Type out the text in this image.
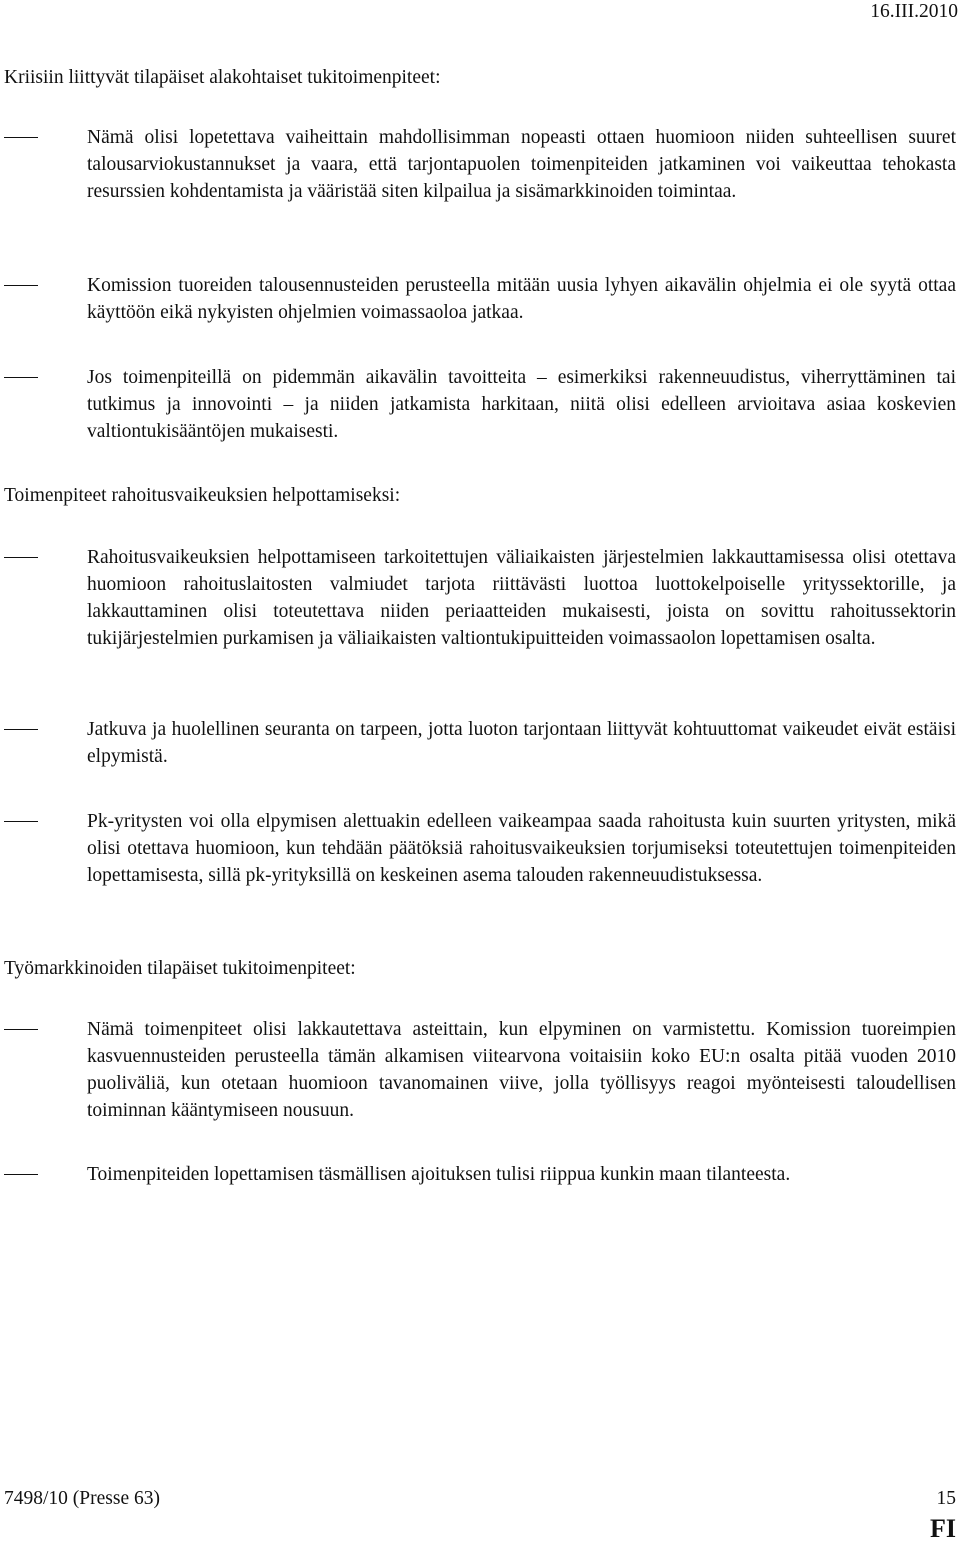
16.III.2010
Kriisiin liittyvät tilapäiset alakohtaiset tukitoimenpiteet:
Nämä olisi lopetettava vaiheittain mahdollisimman nopeasti ottaen huomioon niiden suhteellisen suuret talousarviokustannukset ja vaara, että tarjontapuolen toimenpiteiden jatkaminen voi vaikeuttaa tehokasta resurssien kohdentamista ja vääristää siten kilpailua ja sisämarkkinoiden toimintaa.
Komission tuoreiden talousennusteiden perusteella mitään uusia lyhyen aikavälin ohjelmia ei ole syytä ottaa käyttöön eikä nykyisten ohjelmien voimassaoloa jatkaa.
Jos toimenpiteillä on pidemmän aikavälin tavoitteita – esimerkiksi rakenneuudistus, viherryttäminen tai tutkimus ja innovointi – ja niiden jatkamista harkitaan, niitä olisi edelleen arvioitava asiaa koskevien valtiontukisääntöjen mukaisesti.
Toimenpiteet rahoitusvaikeuksien helpottamiseksi:
Rahoitusvaikeuksien helpottamiseen tarkoitettujen väliaikaisten järjestelmien lakkauttamisessa olisi otettava huomioon rahoituslaitosten valmiudet tarjota riittävästi luottoa luottokelpoiselle yrityssektorille, ja lakkauttaminen olisi toteutettava niiden periaatteiden mukaisesti, joista on sovittu rahoitussektorin tukijärjestelmien purkamisen ja väliaikaisten valtiontukipuitteiden voimassaolon lopettamisen osalta.
Jatkuva ja huolellinen seuranta on tarpeen, jotta luoton tarjontaan liittyvät kohtuuttomat vaikeudet eivät estäisi elpymistä.
Pk-yritysten voi olla elpymisen alettuakin edelleen vaikeampaa saada rahoitusta kuin suurten yritysten, mikä olisi otettava huomioon, kun tehdään päätöksiä rahoitusvaikeuksien torjumiseksi toteutettujen toimenpiteiden lopettamisesta, sillä pk-yrityksillä on keskeinen asema talouden rakenneuudistuksessa.
Työmarkkinoiden tilapäiset tukitoimenpiteet:
Nämä toimenpiteet olisi lakkautettava asteittain, kun elpyminen on varmistettu. Komission tuoreimpien kasvuennusteiden perusteella tämän alkamisen viitearvona voitaisiin koko EU:n osalta pitää vuoden 2010 puoliväliä, kun otetaan huomioon tavanomainen viive, jolla työllisyys reagoi myönteisesti taloudellisen toiminnan kääntymiseen nousuun.
Toimenpiteiden lopettamisen täsmällisen ajoituksen tulisi riippua kunkin maan tilanteesta.
7498/10 (Presse 63)	15
FI
